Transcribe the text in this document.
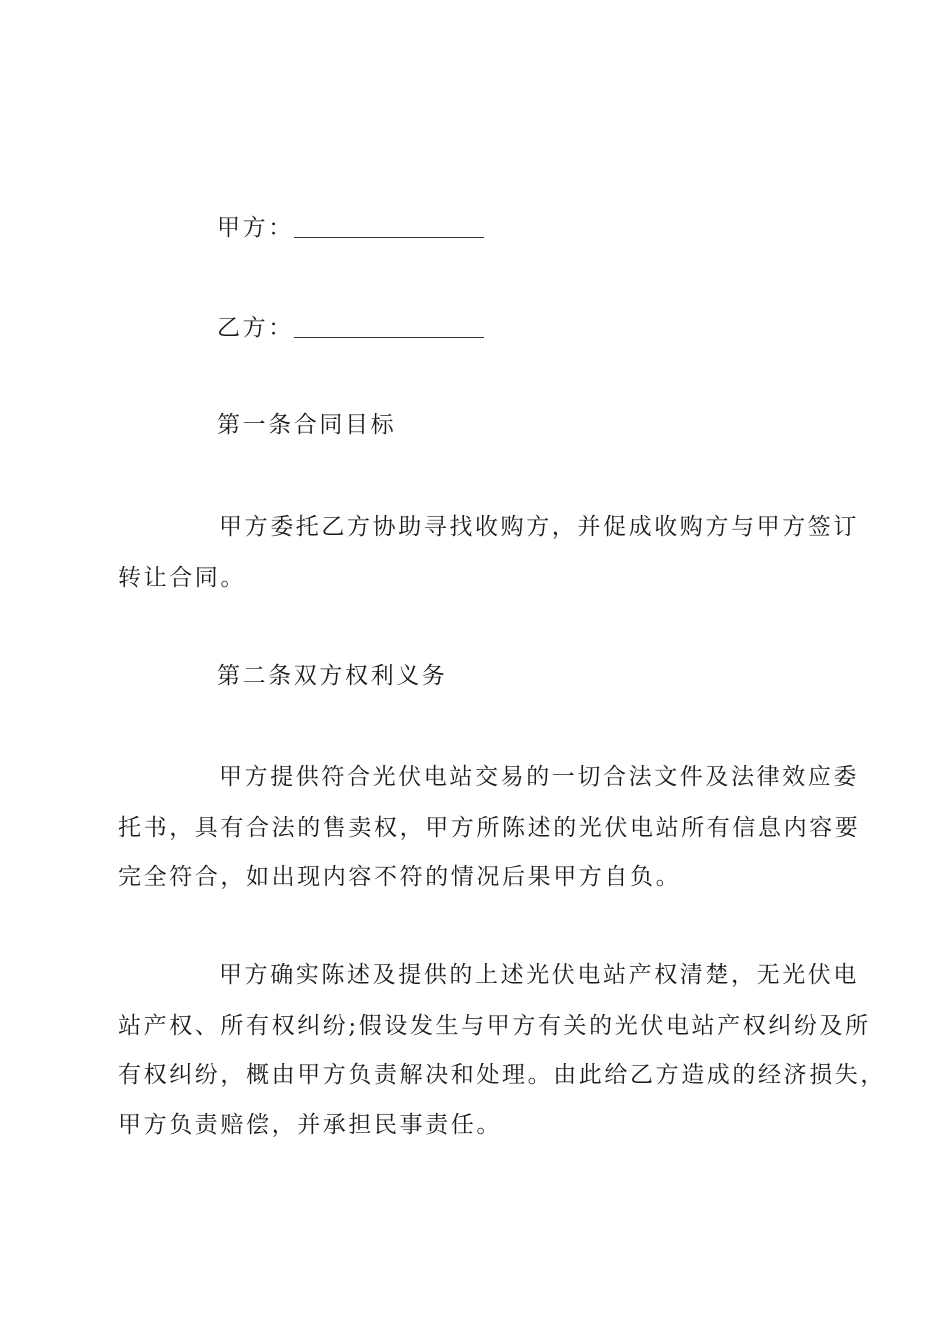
甲方：
乙方：
第一条合同目标
甲方委托乙方协助寻找收购方，并促成收购方与甲方签订
转让合同。
第二条双方权利义务
甲方提供符合光伏电站交易的一切合法文件及法律效应委
托书，具有合法的售卖权，甲方所陈述的光伏电站所有信息内容要
完全符合，如出现内容不符的情况后果甲方自负。
甲方确实陈述及提供的上述光伏电站产权清楚，无光伏电
站产权、所有权纠纷;假设发生与甲方有关的光伏电站产权纠纷及所
有权纠纷，概由甲方负责解决和处理。由此给乙方造成的经济损失，
甲方负责赔偿，并承担民事责任。
